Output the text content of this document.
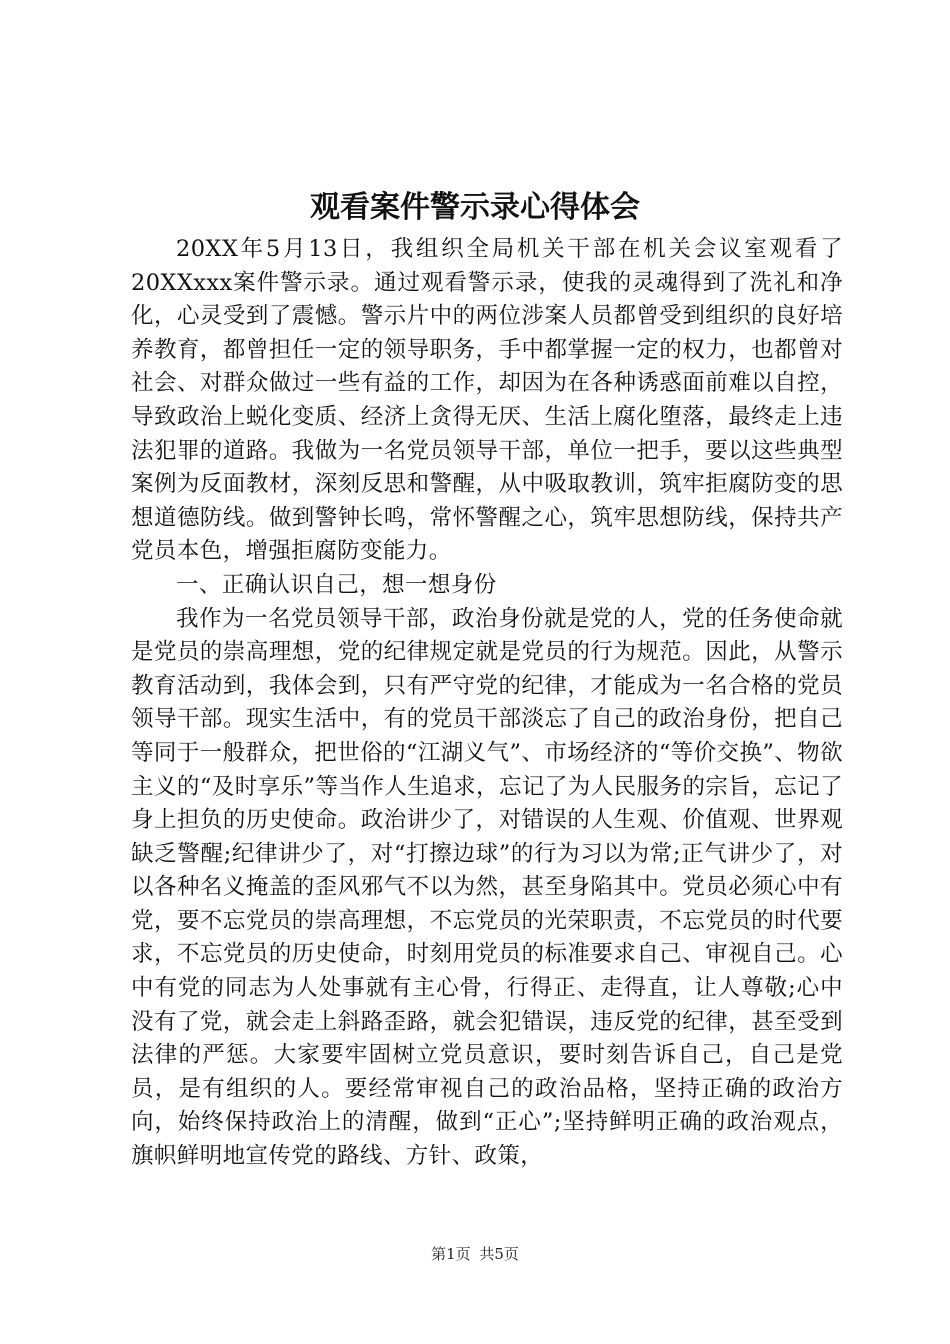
观看案件警示录心得体会

20XX年5月13日，我组织全局机关干部在机关会议室观看了20XXxxx案件警示录。通过观看警示录，使我的灵魂得到了洗礼和净化，心灵受到了震憾。警示片中的两位涉案人员都曾受到组织的良好培养教育，都曾担任一定的领导职务，手中都掌握一定的权力，也都曾对社会、对群众做过一些有益的工作，却因为在各种诱惑面前难以自控，导致政治上蜕化变质、经济上贪得无厌、生活上腐化堕落，最终走上违法犯罪的道路。我做为一名党员领导干部，单位一把手，要以这些典型案例为反面教材，深刻反思和警醒，从中吸取教训，筑牢拒腐防变的思想道德防线。做到警钟长鸣，常怀警醒之心，筑牢思想防线，保持共产党员本色，增强拒腐防变能力。

一、正确认识自己，想一想身份

我作为一名党员领导干部，政治身份就是党的人，党的任务使命就是党员的崇高理想，党的纪律规定就是党员的行为规范。因此，从警示教育活动到，我体会到，只有严守党的纪律，才能成为一名合格的党员领导干部。现实生活中，有的党员干部淡忘了自己的政治身份，把自己等同于一般群众，把世俗的“江湖义气”、市场经济的“等价交换”、物欲主义的“及时享乐”等当作人生追求，忘记了为人民服务的宗旨，忘记了身上担负的历史使命。政治讲少了，对错误的人生观、价值观、世界观缺乏警醒;纪律讲少了，对“打擦边球”的行为习以为常;正气讲少了，对以各种名义掩盖的歪风邪气不以为然，甚至身陷其中。党员必须心中有党，要不忘党员的崇高理想，不忘党员的光荣职责，不忘党员的时代要求，不忘党员的历史使命，时刻用党员的标准要求自己、审视自己。心中有党的同志为人处事就有主心骨，行得正、走得直，让人尊敬;心中没有了党，就会走上斜路歪路，就会犯错误，违反党的纪律，甚至受到法律的严惩。大家要牢固树立党员意识，要时刻告诉自己，自己是党员，是有组织的人。要经常审视自己的政治品格，坚持正确的政治方向，始终保持政治上的清醒，做到“正心”;坚持鲜明正确的政治观点，旗帜鲜明地宣传党的路线、方针、政策，

第1页 共5页
